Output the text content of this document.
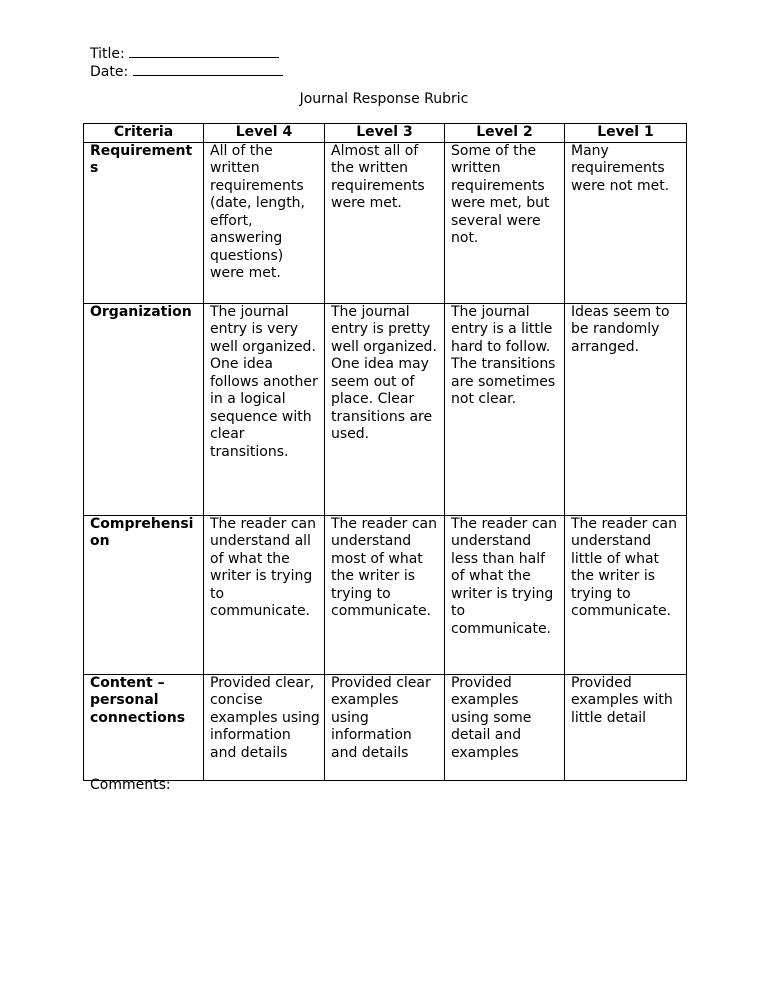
Title:
Date:
Journal Response Rubric
Criteria	Level 4	Level 3	Level 2	Level 1
Requirements	All of the written requirements (date, length, effort, answering questions) were met.	Almost all of the written requirements were met.	Some of the written requirements were met, but several were not.	Many requirements were not met.
Organization	The journal entry is very well organized. One idea follows another in a logical sequence with clear transitions.	The journal entry is pretty well organized. One idea may seem out of place. Clear transitions are used.	The journal entry is a little hard to follow. The transitions are sometimes not clear.	Ideas seem to be randomly arranged.
Comprehension	The reader can understand all of what the writer is trying to communicate.	The reader can understand most of what the writer is trying to communicate.	The reader can understand less than half of what the writer is trying to communicate.	The reader can understand little of what the writer is trying to communicate.
Content – personal connections	Provided clear, concise examples using information and details	Provided clear examples using information and details	Provided examples using some detail and examples	Provided examples with little detail
Comments:
